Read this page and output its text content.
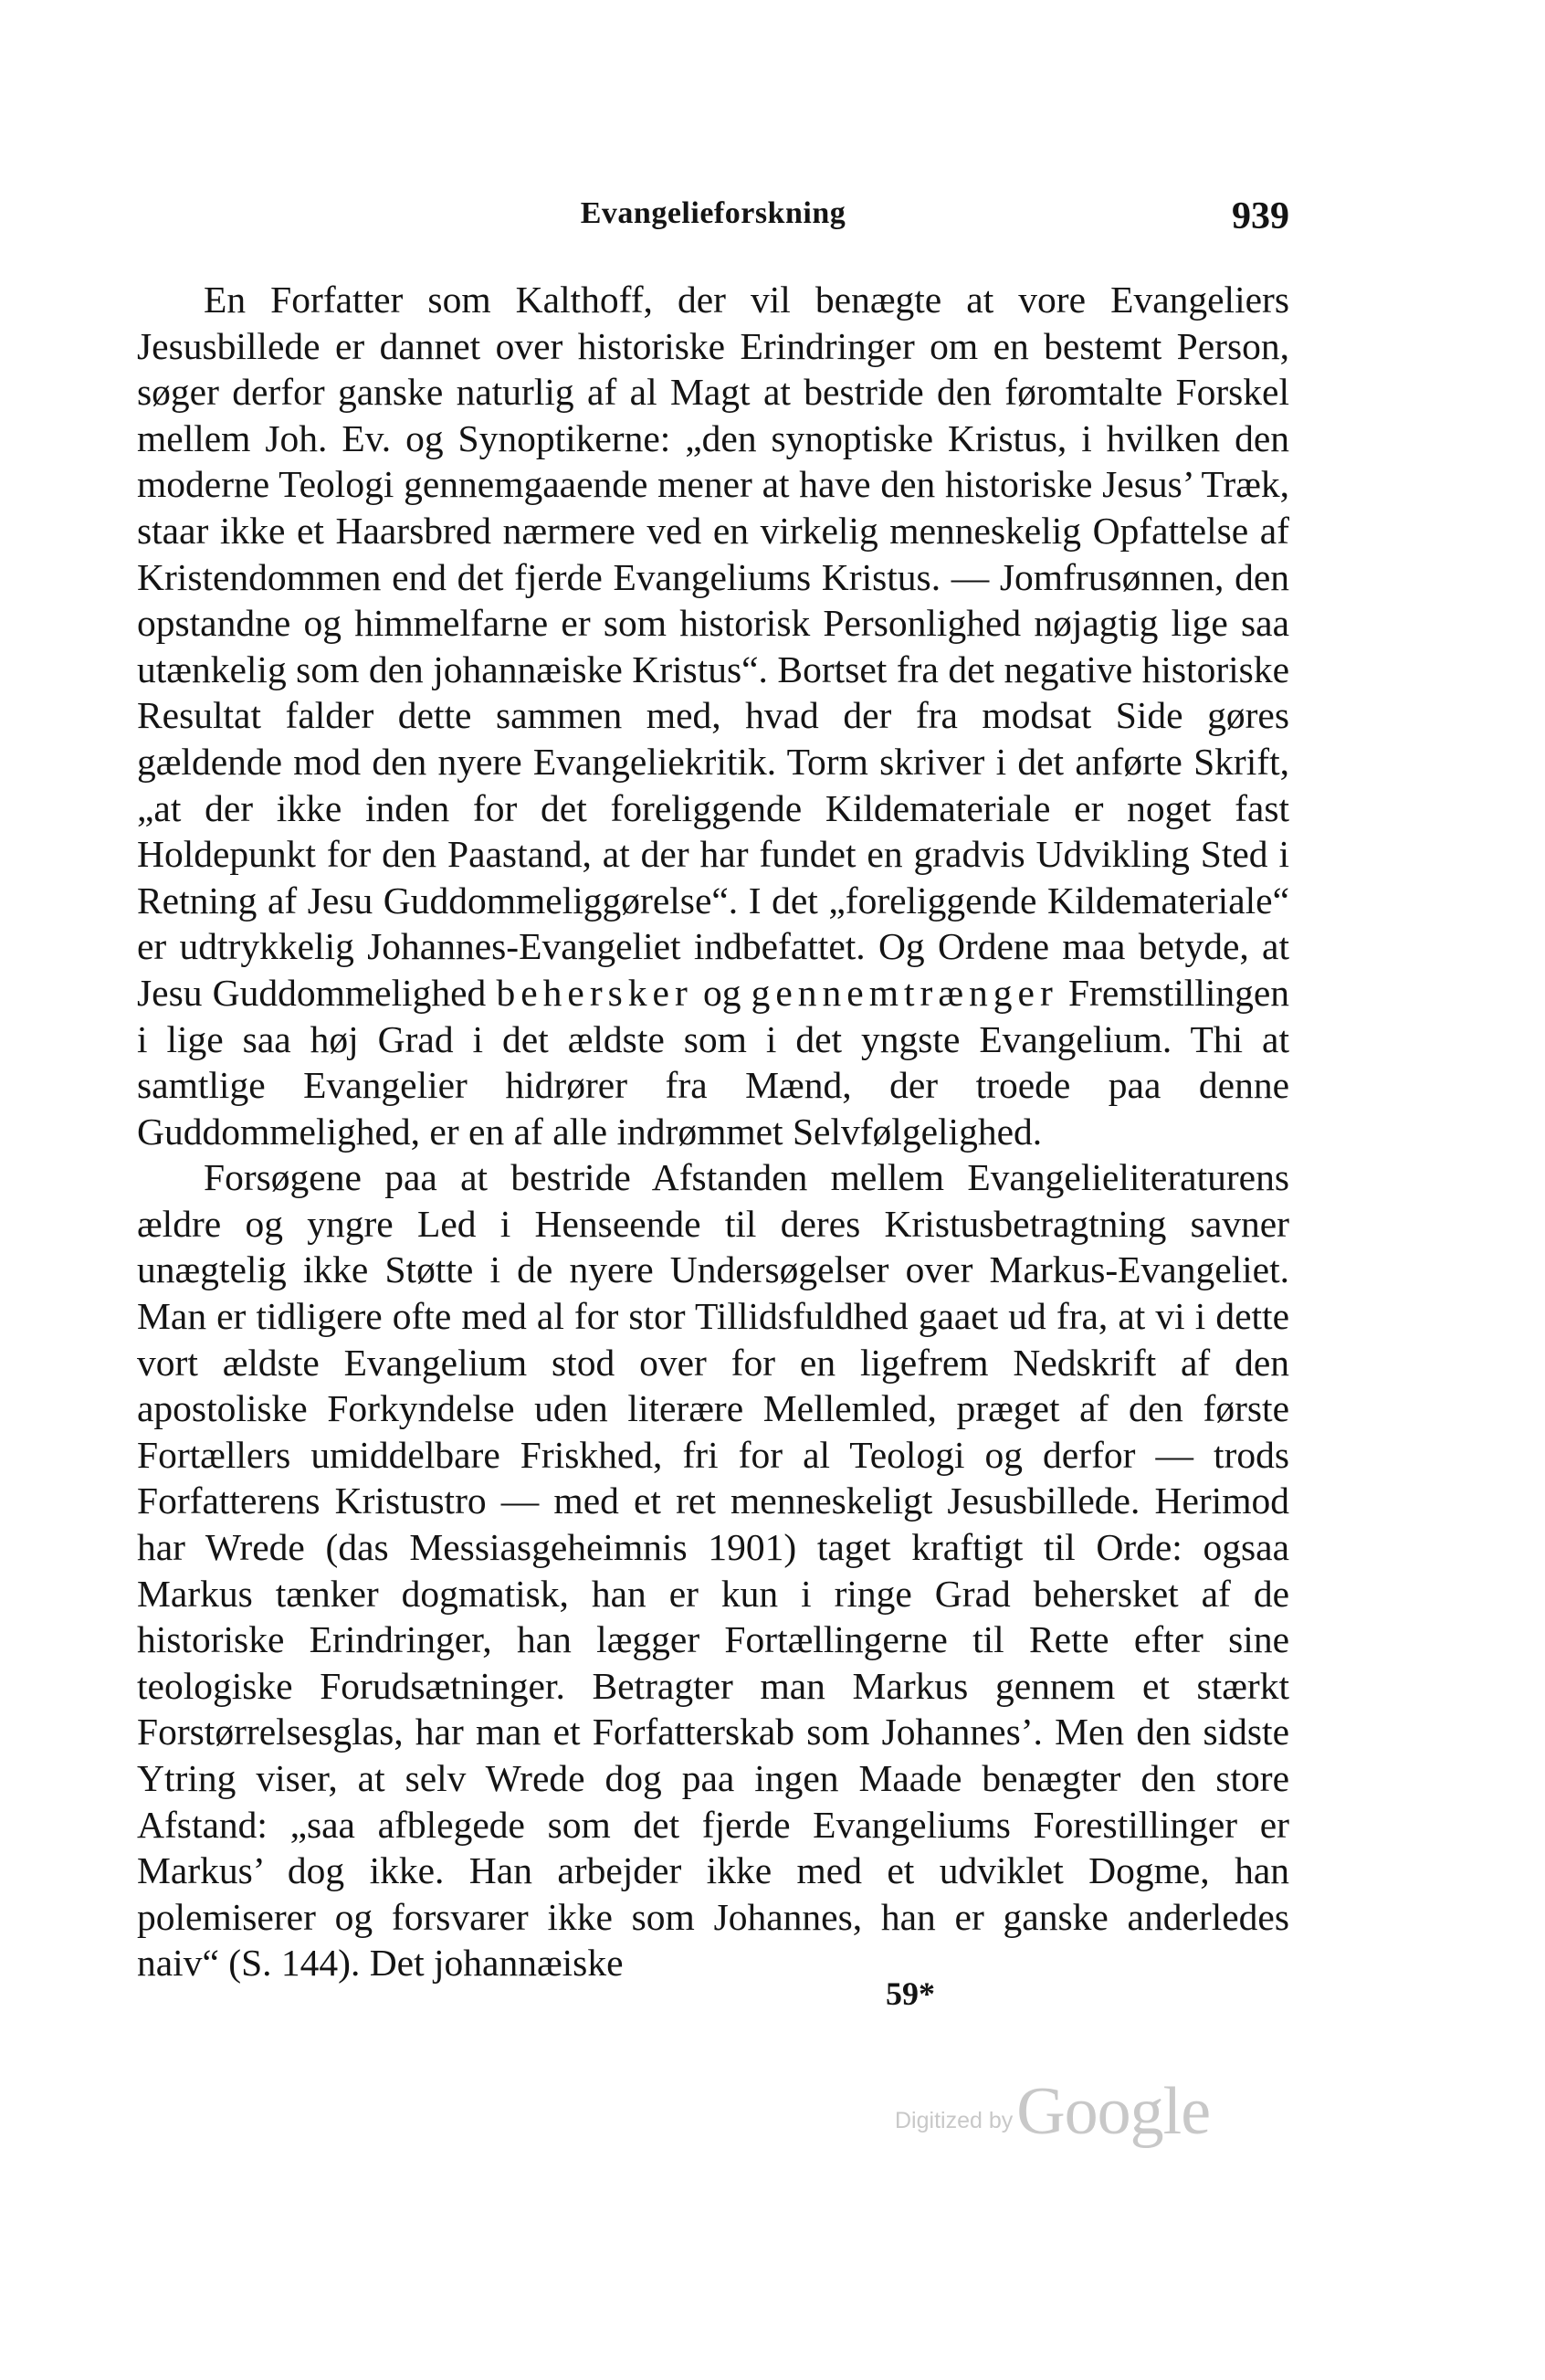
Evangelieforskning	939

En Forfatter som Kalthoff, der vil benægte at vore Evangeliers Jesusbillede er dannet over historiske Erindringer om en bestemt Person, søger derfor ganske naturlig af al Magt at bestride den føromtalte Forskel mellem Joh. Ev. og Synoptikerne: „den synoptiske Kristus, i hvilken den moderne Teologi gennemgaaende mener at have den historiske Jesus’ Træk, staar ikke et Haarsbred nærmere ved en virkelig menneskelig Opfattelse af Kristendommen end det fjerde Evangeliums Kristus. — Jomfrusønnen, den opstandne og himmelfarne er som historisk Personlighed nøjagtig lige saa utænkelig som den johannæiske Kristus“. Bortset fra det negative historiske Resultat falder dette sammen med, hvad der fra modsat Side gøres gældende mod den nyere Evangeliekritik. Torm skriver i det anførte Skrift, „at der ikke inden for det foreliggende Kildemateriale er noget fast Holdepunkt for den Paastand, at der har fundet en gradvis Udvikling Sted i Retning af Jesu Guddommeliggørelse“. I det „foreliggende Kildemateriale“ er udtrykkelig Johannes-Evangeliet indbefattet. Og Ordene maa betyde, at Jesu Guddommelighed behersker og gennemtrænger Fremstillingen i lige saa høj Grad i det ældste som i det yngste Evangelium. Thi at samtlige Evangelier hidrører fra Mænd, der troede paa denne Guddommelighed, er en af alle indrømmet Selvfølgelighed.

Forsøgene paa at bestride Afstanden mellem Evangelieliteraturens ældre og yngre Led i Henseende til deres Kristusbetragtning savner unægtelig ikke Støtte i de nyere Undersøgelser over Markus-Evangeliet. Man er tidligere ofte med al for stor Tillidsfuldhed gaaet ud fra, at vi i dette vort ældste Evangelium stod over for en ligefrem Nedskrift af den apostoliske Forkyndelse uden literære Mellemled, præget af den første Fortællers umiddelbare Friskhed, fri for al Teologi og derfor — trods Forfatterens Kristustro — med et ret menneskeligt Jesusbillede. Herimod har Wrede (das Messiasgeheimnis 1901) taget kraftigt til Orde: ogsaa Markus tænker dogmatisk, han er kun i ringe Grad behersket af de historiske Erindringer, han lægger Fortællingerne til Rette efter sine teologiske Forudsætninger. Betragter man Markus gennem et stærkt Forstørrelsesglas, har man et Forfatterskab som Johannes’. Men den sidste Ytring viser, at selv Wrede dog paa ingen Maade benægter den store Afstand: „saa afblegede som det fjerde Evangeliums Forestillinger er Markus’ dog ikke. Han arbejder ikke med et udviklet Dogme, han polemiserer og forsvarer ikke som Johannes, han er ganske anderledes naiv“ (S. 144). Det johannæiske

59*
Digitized by Google
